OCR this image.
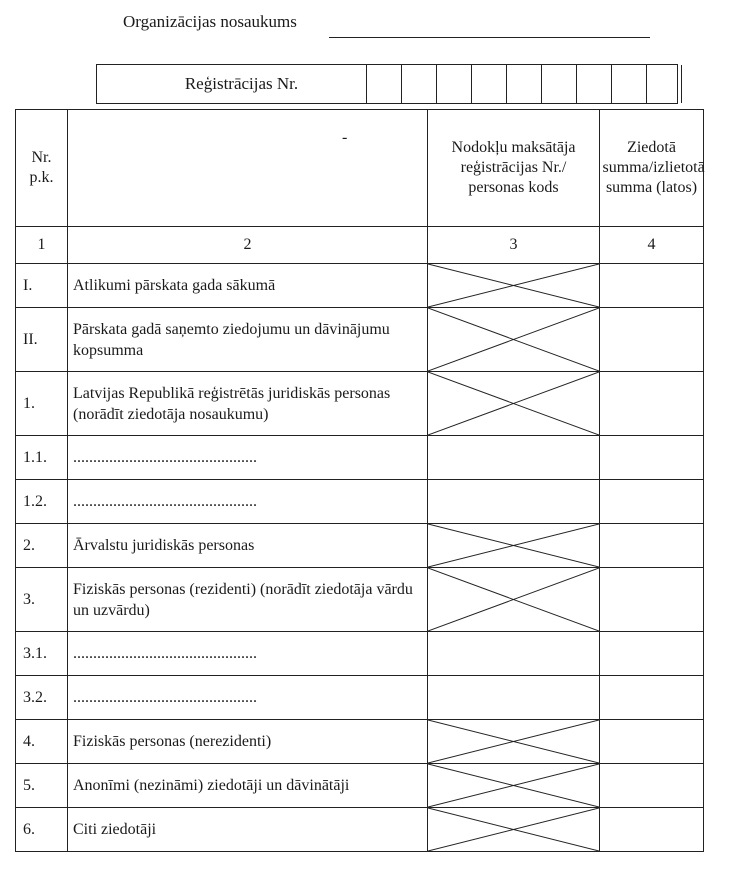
Organizācijas nosaukums
Reģistrācijas Nr.
Nr. p.k.	-	Nodokļu maksātāja reģistrācijas Nr./ personas kods	Ziedotā summa/izlietotā summa (latos)
1	2	3	4
I.	Atlikumi pārskata gada sākumā	

II.	Pārskata gadā saņemto ziedojumu un dāvinājumu kopsumma	

1.	Latvijas Republikā reģistrētās juridiskās personas (norādīt ziedotāja nosaukumu)	

1.1.	..............................................		
1.2.	..............................................		
2.	Ārvalstu juridiskās personas	

3.	Fiziskās personas (rezidenti) (norādīt ziedotāja vārdu un uzvārdu)	

3.1.	..............................................		
3.2.	..............................................		
4.	Fiziskās personas (nerezidenti)	

5.	Anonīmi (nezināmi) ziedotāji un dāvinātāji	

6.	Citi ziedotāji	
